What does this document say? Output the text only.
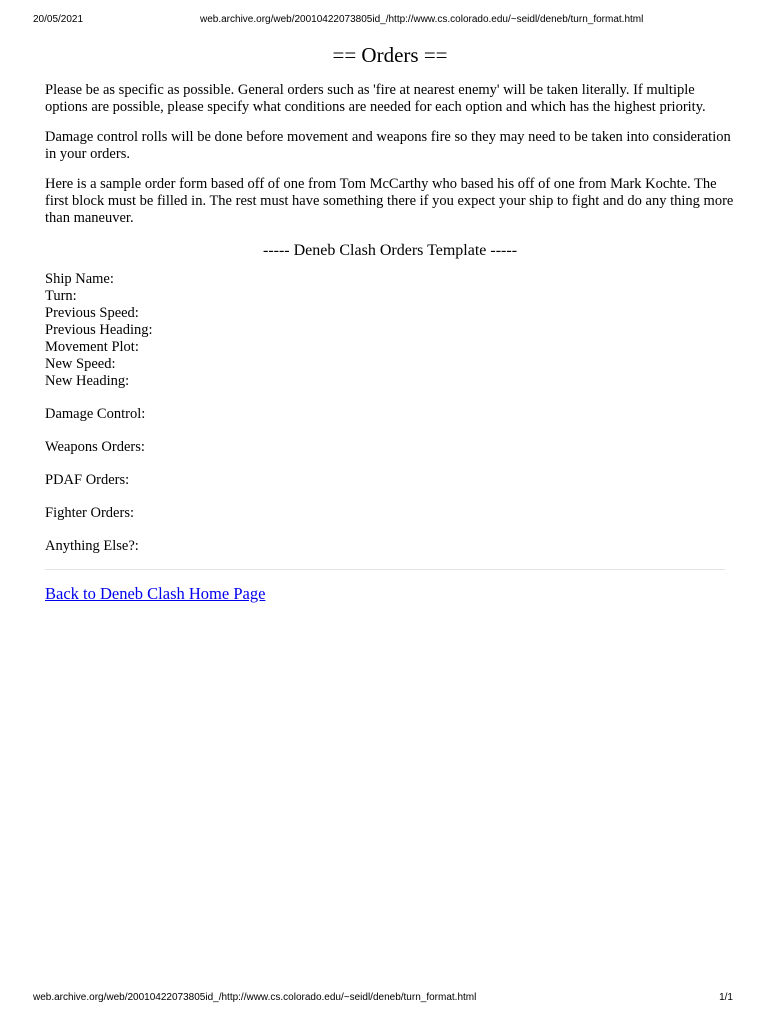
20/05/2021	web.archive.org/web/20010422073805id_/http://www.cs.colorado.edu/~seidl/deneb/turn_format.html
== Orders ==

Please be as specific as possible. General orders such as 'fire at nearest enemy' will be taken literally. If multiple options are possible, please specify what conditions are needed for each option and which has the highest priority.

Damage control rolls will be done before movement and weapons fire so they may need to be taken into consideration in your orders.

Here is a sample order form based off of one from Tom McCarthy who based his off of one from Mark Kochte. The first block must be filled in. The rest must have something there if you expect your ship to fight and do any thing more than maneuver.

----- Deneb Clash Orders Template -----
Ship Name:
Turn:
Previous Speed:
Previous Heading:
Movement Plot:
New Speed:
New Heading:
Damage Control:
Weapons Orders:
PDAF Orders:
Fighter Orders:
Anything Else?:
Back to Deneb Clash Home Page
web.archive.org/web/20010422073805id_/http://www.cs.colorado.edu/~seidl/deneb/turn_format.html	1/1
